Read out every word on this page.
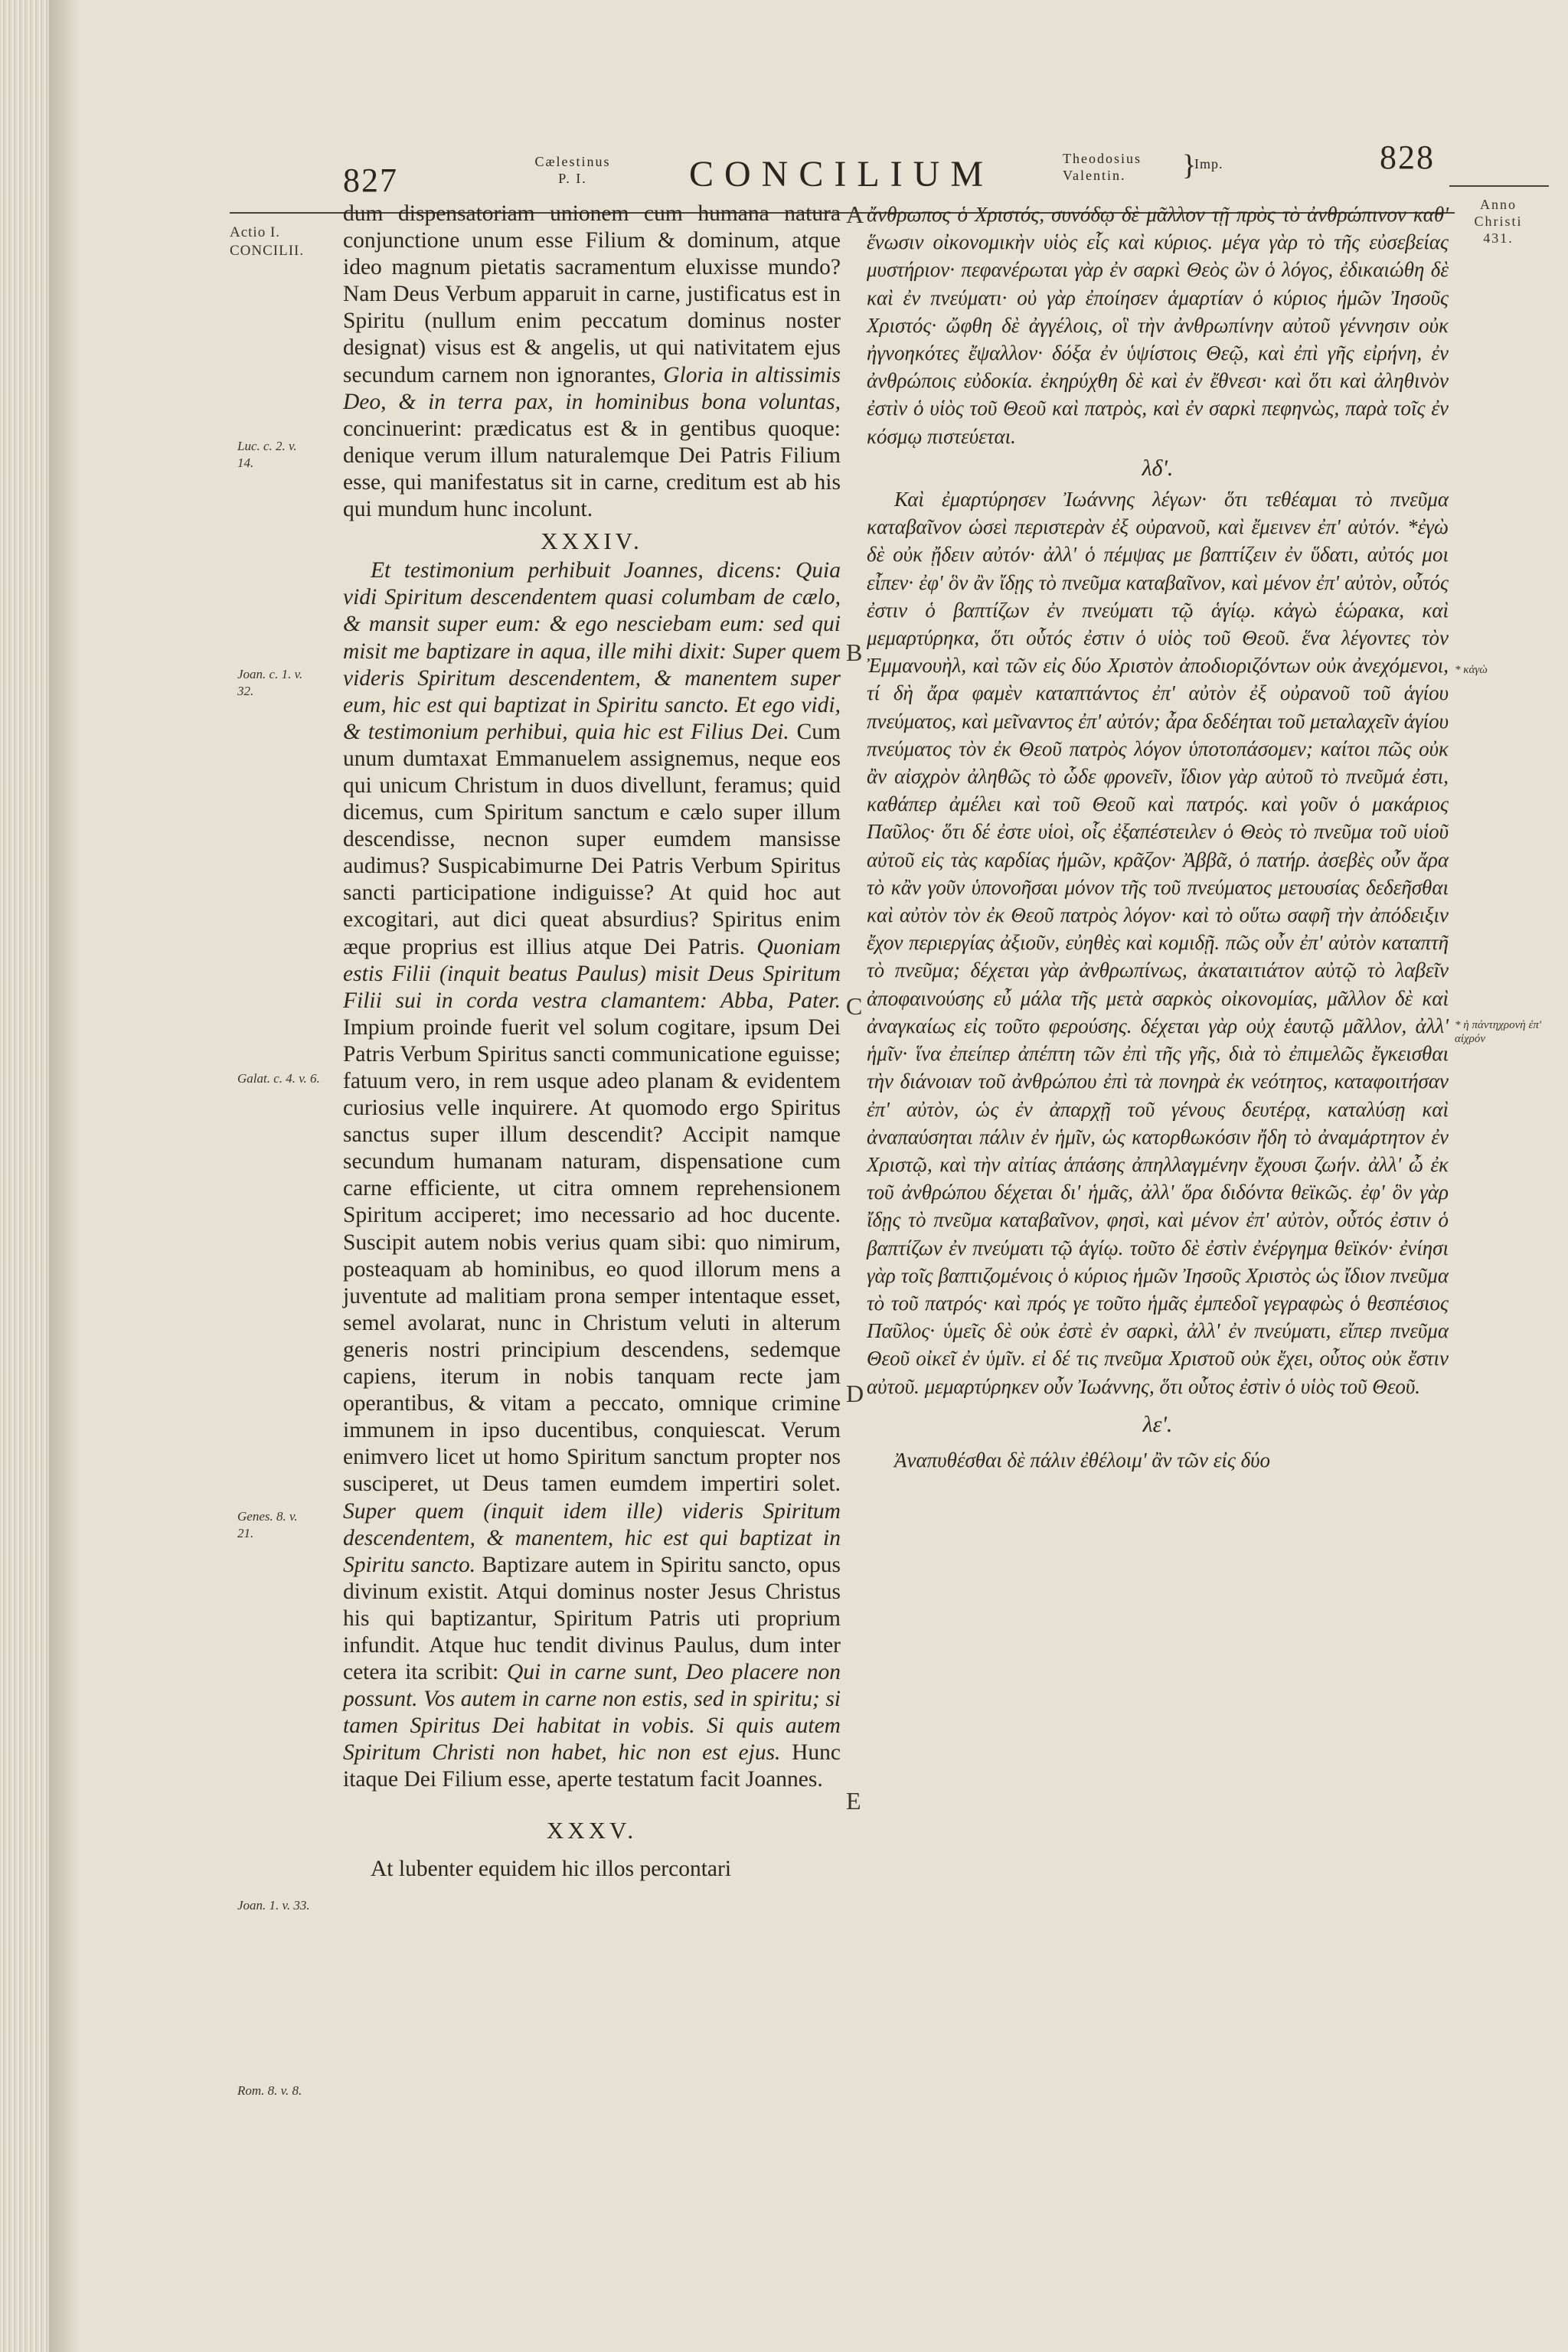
827	Cælestinus
P. I.	CONCILIUM	Theodosius
Valentin.	}
Imp.	828
Actio I.
CONCILII.
Anno
Christi
431.
Luc. c. 2. v. 14.
Joan. c. 1. v. 32.
Galat. c. 4. v. 6.
Genes. 8. v. 21.
Joan. 1. v. 33.
Rom. 8. v. 8.
* κἀγὼ
* ἡ πάντηχρονὴ ἐπ' αἰχρόν
A
B
C
D
E

dum dispensatoriam unionem cum humana natura conjunctione unum esse Filium & dominum, atque ideo magnum pietatis sacramentum eluxisse mundo? Nam Deus Verbum apparuit in carne, justificatus est in Spiritu (nullum enim peccatum dominus noster designat) visus est & angelis, ut qui nativitatem ejus secundum carnem non ignorantes, Gloria in altissimis Deo, & in terra pax, in hominibus bona voluntas, concinuerint: prædicatus est & in gentibus quoque: denique verum illum naturalemque Dei Patris Filium esse, qui manifestatus sit in carne, creditum est ab his qui mundum hunc incolunt.

XXXIV.

Et testimonium perhibuit Joannes, dicens: Quia vidi Spiritum descendentem quasi columbam de cælo, & mansit super eum: & ego nesciebam eum: sed qui misit me baptizare in aqua, ille mihi dixit: Super quem videris Spiritum descendentem, & manentem super eum, hic est qui baptizat in Spiritu sancto. Et ego vidi, & testimonium perhibui, quia hic est Filius Dei. Cum unum dumtaxat Emmanuelem assignemus, neque eos qui unicum Christum in duos divellunt, feramus; quid dicemus, cum Spiritum sanctum e cælo super illum descendisse, necnon super eumdem mansisse audimus? Suspicabimurne Dei Patris Verbum Spiritus sancti participatione indiguisse? At quid hoc aut excogitari, aut dici queat absurdius? Spiritus enim æque proprius est illius atque Dei Patris. Quoniam estis Filii (inquit beatus Paulus) misit Deus Spiritum Filii sui in corda vestra clamantem: Abba, Pater. Impium proinde fuerit vel solum cogitare, ipsum Dei Patris Verbum Spiritus sancti communicatione eguisse; fatuum vero, in rem usque adeo planam & evidentem curiosius velle inquirere. At quomodo ergo Spiritus sanctus super illum descendit? Accipit namque secundum humanam naturam, dispensatione cum carne efficiente, ut citra omnem reprehensionem Spiritum acciperet; imo necessario ad hoc ducente. Suscipit autem nobis verius quam sibi: quo nimirum, posteaquam ab hominibus, eo quod illorum mens a juventute ad malitiam prona semper intentaque esset, semel avolarat, nunc in Christum veluti in alterum generis nostri principium descendens, sedemque capiens, iterum in nobis tanquam recte jam operantibus, & vitam a peccato, omnique crimine immunem in ipso ducentibus, conquiescat. Verum enimvero licet ut homo Spiritum sanctum propter nos susciperet, ut Deus tamen eumdem impertiri solet. Super quem (inquit idem ille) videris Spiritum descendentem, & manentem, hic est qui baptizat in Spiritu sancto. Baptizare autem in Spiritu sancto, opus divinum existit. Atqui dominus noster Jesus Christus his qui baptizantur, Spiritum Patris uti proprium infundit. Atque huc tendit divinus Paulus, dum inter cetera ita scribit: Qui in carne sunt, Deo placere non possunt. Vos autem in carne non estis, sed in spiritu; si tamen Spiritus Dei habitat in vobis. Si quis autem Spiritum Christi non habet, hic non est ejus. Hunc itaque Dei Filium esse, aperte testatum facit Joannes.

XXXV.

At lubenter equidem hic illos percontari

ἄνθρωπος ὁ Χριστός, συνόδῳ δὲ μᾶλλον τῇ πρὸς τὸ ἀνθρώπινον καθ' ἕνωσιν οἰκονομικὴν υἱὸς εἷς καὶ κύριος. μέγα γὰρ τὸ τῆς εὐσεβείας μυστήριον· πεφανέρωται γὰρ ἐν σαρκὶ Θεὸς ὢν ὁ λόγος, ἐδικαιώθη δὲ καὶ ἐν πνεύματι· οὐ γὰρ ἐποίησεν ἁμαρτίαν ὁ κύριος ἡμῶν Ἰησοῦς Χριστός· ὤφθη δὲ ἀγγέλοις, οἳ τὴν ἀνθρωπίνην αὐτοῦ γέννησιν οὐκ ἠγνοηκότες ἔψαλλον· δόξα ἐν ὑψίστοις Θεῷ, καὶ ἐπὶ γῆς εἰρήνη, ἐν ἀνθρώποις εὐδοκία. ἐκηρύχθη δὲ καὶ ἐν ἔθνεσι· καὶ ὅτι καὶ ἀληθινὸν ἐστὶν ὁ υἱὸς τοῦ Θεοῦ καὶ πατρὸς, καὶ ἐν σαρκὶ πεφηνὼς, παρὰ τοῖς ἐν κόσμῳ πιστεύεται.

λδ'.

Καὶ ἐμαρτύρησεν Ἰωάννης λέγων· ὅτι τεθέαμαι τὸ πνεῦμα καταβαῖνον ὡσεὶ περιστερὰν ἐξ οὐρανοῦ, καὶ ἔμεινεν ἐπ' αὐτόν. *ἐγὼ δὲ οὐκ ᾔδειν αὐτόν· ἀλλ' ὁ πέμψας με βαπτίζειν ἐν ὕδατι, αὐτός μοι εἶπεν· ἐφ' ὃν ἂν ἴδῃς τὸ πνεῦμα καταβαῖνον, καὶ μένον ἐπ' αὐτὸν, οὗτός ἐστιν ὁ βαπτίζων ἐν πνεύματι τῷ ἁγίῳ. κἀγὼ ἑώρακα, καὶ μεμαρτύρηκα, ὅτι οὗτός ἐστιν ὁ υἱὸς τοῦ Θεοῦ. ἕνα λέγοντες τὸν Ἐμμανουὴλ, καὶ τῶν εἰς δύο Χριστὸν ἀποδιοριζόντων οὐκ ἀνεχόμενοι, τί δὴ ἄρα φαμὲν καταπτάντος ἐπ' αὐτὸν ἐξ οὐρανοῦ τοῦ ἁγίου πνεύματος, καὶ μεῖναντος ἐπ' αὐτόν; ἆρα δεδέηται τοῦ μεταλαχεῖν ἁγίου πνεύματος τὸν ἐκ Θεοῦ πατρὸς λόγον ὑποτοπάσομεν; καίτοι πῶς οὐκ ἂν αἰσχρὸν ἀληθῶς τὸ ὧδε φρονεῖν, ἴδιον γὰρ αὐτοῦ τὸ πνεῦμά ἐστι, καθάπερ ἀμέλει καὶ τοῦ Θεοῦ καὶ πατρός. καὶ γοῦν ὁ μακάριος Παῦλος· ὅτι δέ ἐστε υἱοὶ, οἷς ἐξαπέστειλεν ὁ Θεὸς τὸ πνεῦμα τοῦ υἱοῦ αὐτοῦ εἰς τὰς καρδίας ἡμῶν, κρᾶζον· Ἀββᾶ, ὁ πατήρ. ἀσεβὲς οὖν ἄρα τὸ κἂν γοῦν ὑπονοῆσαι μόνον τῆς τοῦ πνεύματος μετουσίας δεδεῆσθαι καὶ αὐτὸν τὸν ἐκ Θεοῦ πατρὸς λόγον· καὶ τὸ οὕτω σαφῆ τὴν ἀπόδειξιν ἔχον περιεργίας ἀξιοῦν, εὐηθὲς καὶ κομιδῇ. πῶς οὖν ἐπ' αὐτὸν καταπτῆ τὸ πνεῦμα; δέχεται γὰρ ἀνθρωπίνως, ἀκαταιτιάτον αὐτῷ τὸ λαβεῖν ἀποφαινούσης εὖ μάλα τῆς μετὰ σαρκὸς οἰκονομίας, μᾶλλον δὲ καὶ ἀναγκαίως εἰς τοῦτο φερούσης. δέχεται γὰρ οὐχ ἑαυτῷ μᾶλλον, ἀλλ' ἡμῖν· ἵνα ἐπείπερ ἀπέπτη τῶν ἐπὶ τῆς γῆς, διὰ τὸ ἐπιμελῶς ἔγκεισθαι τὴν διάνοιαν τοῦ ἀνθρώπου ἐπὶ τὰ πονηρὰ ἐκ νεότητος, καταφοιτήσαν ἐπ' αὐτὸν, ὡς ἐν ἀπαρχῇ τοῦ γένους δευτέρᾳ, καταλύσῃ καὶ ἀναπαύσηται πάλιν ἐν ἡμῖν, ὡς κατορθωκόσιν ἤδη τὸ ἀναμάρτητον ἐν Χριστῷ, καὶ τὴν αἰτίας ἁπάσης ἀπηλλαγμένην ἔχουσι ζωήν. ἀλλ' ὦ ἐκ τοῦ ἀνθρώπου δέχεται δι' ἡμᾶς, ἀλλ' ὅρα διδόντα θεϊκῶς. ἐφ' ὃν γὰρ ἴδῃς τὸ πνεῦμα καταβαῖνον, φησὶ, καὶ μένον ἐπ' αὐτὸν, οὗτός ἐστιν ὁ βαπτίζων ἐν πνεύματι τῷ ἁγίῳ. τοῦτο δὲ ἐστὶν ἐνέργημα θεϊκόν· ἐνίησι γὰρ τοῖς βαπτιζομένοις ὁ κύριος ἡμῶν Ἰησοῦς Χριστὸς ὡς ἴδιον πνεῦμα τὸ τοῦ πατρός· καὶ πρός γε τοῦτο ἡμᾶς ἐμπεδοῖ γεγραφὼς ὁ θεσπέσιος Παῦλος· ὑμεῖς δὲ οὐκ ἐστὲ ἐν σαρκὶ, ἀλλ' ἐν πνεύματι, εἴπερ πνεῦμα Θεοῦ οἰκεῖ ἐν ὑμῖν. εἰ δέ τις πνεῦμα Χριστοῦ οὐκ ἔχει, οὗτος οὐκ ἔστιν αὐτοῦ. μεμαρτύρηκεν οὖν Ἰωάννης, ὅτι οὗτος ἐστὶν ὁ υἱὸς τοῦ Θεοῦ.

λε'.

Ἀναπυθέσθαι δὲ πάλιν ἐθέλοιμ' ἂν τῶν εἰς δύο
